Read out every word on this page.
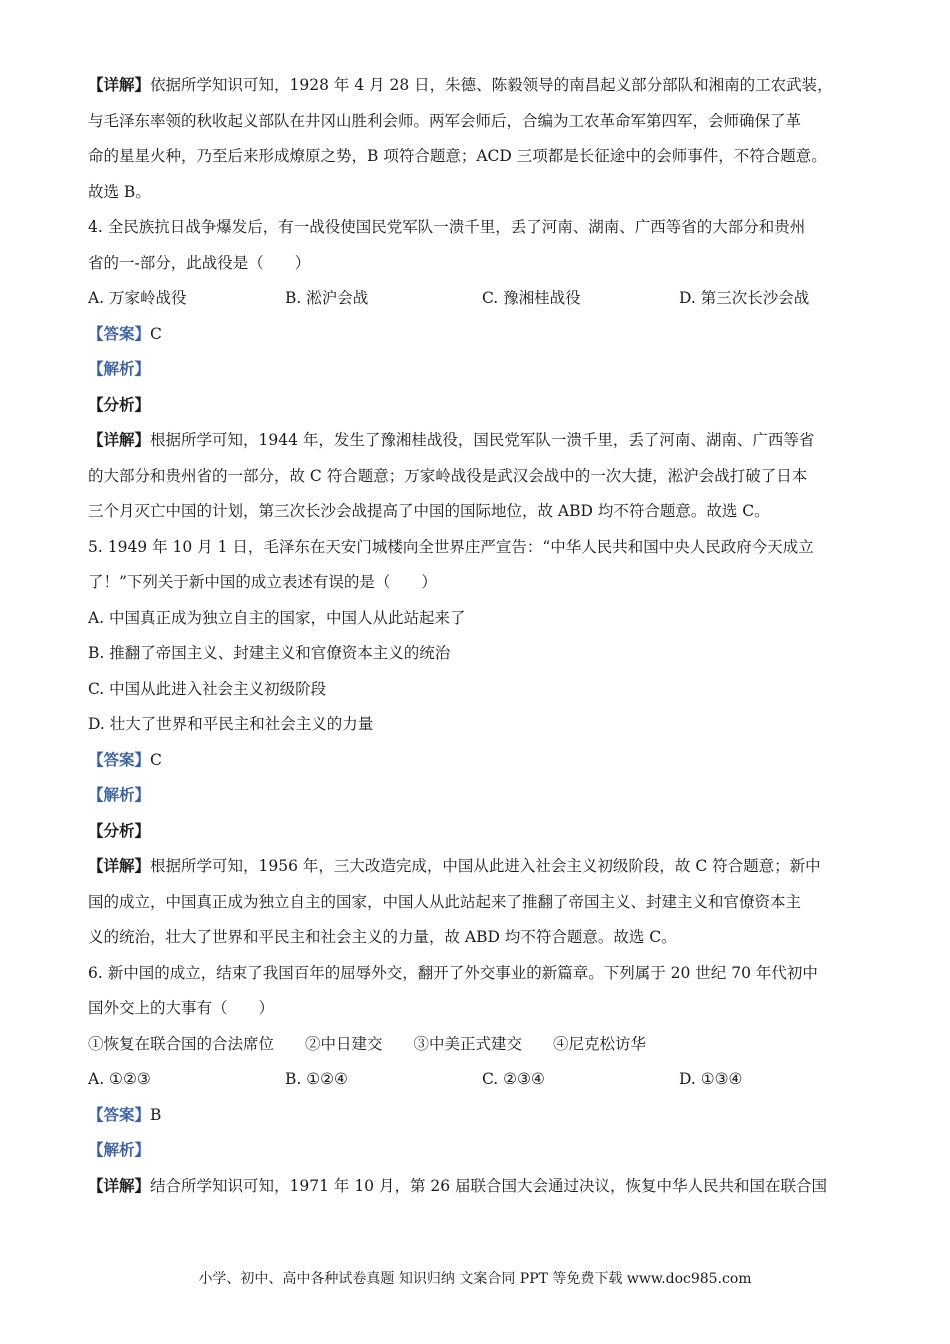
【详解】依据所学知识可知，1928 年 4 月 28 日，朱德、陈毅领导的南昌起义部分部队和湘南的工农武装，
与毛泽东率领的秋收起义部队在井冈山胜利会师。两军会师后，合编为工农革命军第四军，会师确保了革
命的星星火种，乃至后来形成燎原之势，B 项符合题意；ACD 三项都是长征途中的会师事件，不符合题意。
故选 B。
4. 全民族抗日战争爆发后，有一战役使国民党军队一溃千里，丢了河南、湖南、广西等省的大部分和贵州
省的一-部分，此战役是（　　）
A. 万家岭战役	B. 淞沪会战	C. 豫湘桂战役	D. 第三次长沙会战
【答案】C
【解析】
【分析】
【详解】根据所学可知，1944 年，发生了豫湘桂战役，国民党军队一溃千里，丢了河南、湖南、广西等省
的大部分和贵州省的一部分，故 C 符合题意；万家岭战役是武汉会战中的一次大捷，淞沪会战打破了日本
三个月灭亡中国的计划，第三次长沙会战提高了中国的国际地位，故 ABD 均不符合题意。故选 C。
5. 1949 年 10 月 1 日，毛泽东在天安门城楼向全世界庄严宣告：“中华人民共和国中央人民政府今天成立
了！”下列关于新中国的成立表述有误的是（　　）
A. 中国真正成为独立自主的国家，中国人从此站起来了
B. 推翻了帝国主义、封建主义和官僚资本主义的统治
C. 中国从此进入社会主义初级阶段
D. 壮大了世界和平民主和社会主义的力量
【答案】C
【解析】
【分析】
【详解】根据所学可知，1956 年，三大改造完成，中国从此进入社会主义初级阶段，故 C 符合题意；新中
国的成立，中国真正成为独立自主的国家，中国人从此站起来了推翻了帝国主义、封建主义和官僚资本主
义的统治，壮大了世界和平民主和社会主义的力量，故 ABD 均不符合题意。故选 C。
6. 新中国的成立，结束了我国百年的屈辱外交，翻开了外交事业的新篇章。下列属于 20 世纪 70 年代初中
国外交上的大事有（　　）
①恢复在联合国的合法席位　　②中日建交　　③中美正式建交　　④尼克松访华
A. ①②③	B. ①②④	C. ②③④	D. ①③④
【答案】B
【解析】
【详解】结合所学知识可知，1971 年 10 月，第 26 届联合国大会通过决议，恢复中华人民共和国在联合国
小学、初中、高中各种试卷真题 知识归纳 文案合同 PPT 等免费下载 www.doc985.com
